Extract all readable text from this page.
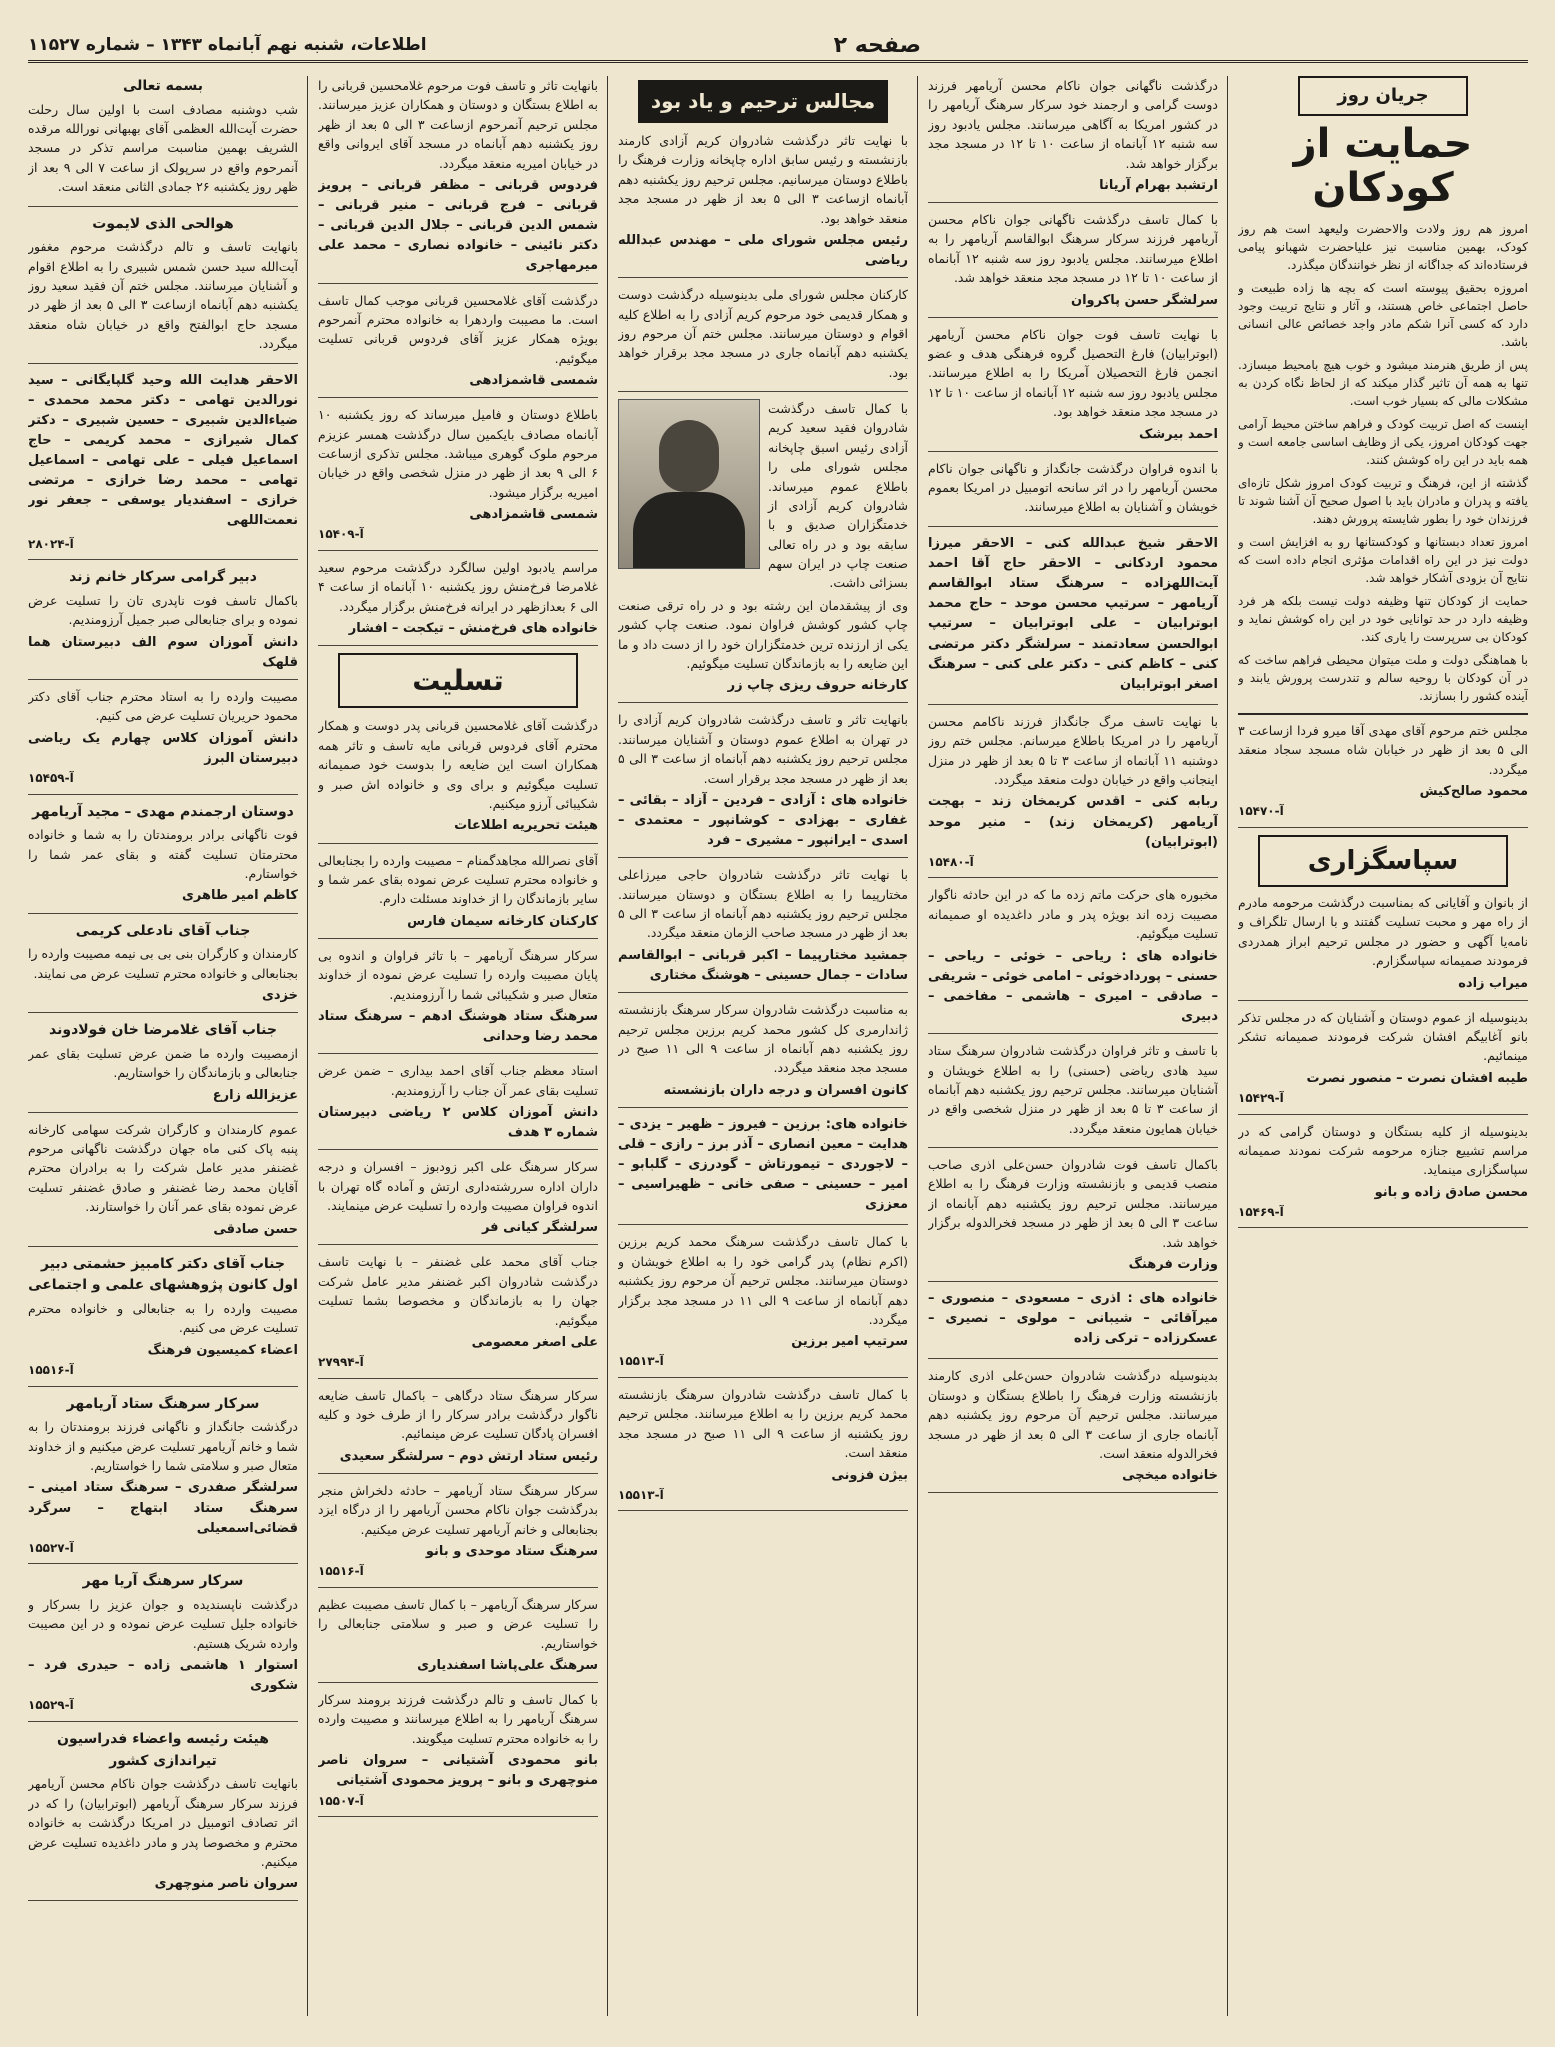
صفحه ۲
اطلاعات، شنبه نهم آبانماه ۱۳۴۳ – شماره ۱۱۵۲۷
جریان روز
حمایت از کودکان

امروز هم روز ولادت والاحضرت ولیعهد است هم روز کودک، بهمین مناسبت نیز علیاحضرت شهبانو پیامی فرستاده‌اند که جداگانه از نظر خوانندگان میگذرد.

امروزه بحقیق پیوسته است که بچه ها زاده طبیعت و حاصل اجتماعی خاص هستند، و آثار و نتایج تربیت وجود دارد که کسی آنرا شکم مادر واجد خصائص عالی انسانی باشد.

پس از طریق هنرمند میشود و خوب هیچ بامحیط میسازد. تنها به همه آن تاثیر گذار میکند که از لحاظ نگاه کردن به مشکلات مالی که بسیار خوب است.

اینست که اصل تربیت کودک و فراهم ساختن محیط آرامی جهت کودکان امروز، یکی از وظایف اساسی جامعه است و همه باید در این راه کوشش کنند.

گذشته از این، فرهنگ و تربیت کودک امروز شکل تازه‌ای یافته و پدران و مادران باید با اصول صحیح آن آشنا شوند تا فرزندان خود را بطور شایسته پرورش دهند.

امروز تعداد دبستانها و کودکستانها رو به افزایش است و دولت نیز در این راه اقدامات مؤثری انجام داده است که نتایج آن بزودی آشکار خواهد شد.

حمایت از کودکان تنها وظیفه دولت نیست بلکه هر فرد وظیفه دارد در حد توانایی خود در این راه کوشش نماید و کودکان بی سرپرست را یاری کند.

با هماهنگی دولت و ملت میتوان محیطی فراهم ساخت که در آن کودکان با روحیه سالم و تندرست پرورش یابند و آینده کشور را بسازند.

مجلس ختم مرحوم آقای مهدی آقا میرو فردا ازساعت ۳ الی ۵ بعد از ظهر در خیابان شاه مسجد سجاد منعقد میگردد.

محمود صالح‌کیش
آ-۱۵۴۷۰
سپاسگزاری

از بانوان و آقایانی که بمناسبت درگذشت مرحومه مادرم از راه مهر و محبت تسلیت گفتند و با ارسال تلگراف و نامه‌یا آگهی و حضور در مجلس ترحیم ابراز همدردی فرمودند صمیمانه سپاسگزارم.

میراب زاده

بدینوسیله از عموم دوستان و آشنایان که در مجلس تذکر بانو آغابیگم افشان شرکت فرمودند صمیمانه تشکر مینمائیم.

طیبه افشان نصرت – منصور نصرت
آ-۱۵۴۲۹

بدینوسیله از کلیه بستگان و دوستان گرامی که در مراسم تشییع جنازه مرحومه شرکت نمودند صمیمانه سپاسگزاری مینماید.

محسن صادق زاده و بانو
آ-۱۵۴۶۹

درگذشت ناگهانی جوان ناکام محسن آریامهر فرزند دوست گرامی و ارجمند خود سرکار سرهنگ آریامهر را در کشور امریکا به آگاهی میرسانند. مجلس یادبود روز سه شنبه ۱۲ آبانماه از ساعت ۱۰ تا ۱۲ در مسجد مجد برگزار خواهد شد.

ارتشبد بهرام آریانا

با کمال تاسف درگذشت ناگهانی جوان ناکام محسن آریامهر فرزند سرکار سرهنگ ابوالقاسم آریامهر را به اطلاع میرسانند. مجلس یادبود روز سه شنبه ۱۲ آبانماه از ساعت ۱۰ تا ۱۲ در مسجد مجد منعقد خواهد شد.

سرلشگر حسن پاکروان

با نهایت تاسف فوت جوان ناکام محسن آریامهر (ابوترابیان) فارغ التحصیل گروه فرهنگی هدف و عضو انجمن فارغ التحصیلان آمریکا را به اطلاع میرسانند. مجلس یادبود روز سه شنبه ۱۲ آبانماه از ساعت ۱۰ تا ۱۲ در مسجد مجد منعقد خواهد بود.

احمد بیرشک

با اندوه فراوان درگذشت جانگداز و ناگهانی جوان ناکام محسن آریامهر را در اثر سانحه اتومبیل در امریکا بعموم خویشان و آشنایان به اطلاع میرسانند.

الاحقر شیخ عبدالله کنی – الاحقر میرزا محمود اردکانی – الاحقر حاج آقا احمد آیت‌اللهزاده – سرهنگ ستاد ابوالقاسم آریامهر – سرتیپ محسن موحد – حاج محمد ابوترابیان – علی ابوترابیان – سرتیپ ابوالحسن سعادتمند – سرلشگر دکتر مرتضی کنی – کاظم کنی – دکتر علی کنی – سرهنگ اصغر ابوترابیان

با نهایت تاسف مرگ جانگداز فرزند ناکامم محسن آریامهر را در امریکا باطلاع میرسانم. مجلس ختم روز دوشنبه ۱۱ آبانماه از ساعت ۳ تا ۵ بعد از ظهر در منزل اینجانب واقع در خیابان دولت منعقد میگردد.

ربابه کنی – اقدس کریمخان زند – بهجت آریامهر (کریمخان زند) – منیر موحد (ابوترابیان)
آ-۱۵۴۸۰

مخبوره های حرکت ماتم زده ما که در این حادثه ناگوار مصیبت زده اند بویژه پدر و مادر داغدیده او صمیمانه تسلیت میگوئیم.

خانواده های : ریاحی – خوئی – ریاحی – حسنی – پوردادخوئی – امامی خوئی – شریفی – صادقی – امیری – هاشمی – مفاخمی – دبیری

با تاسف و تاثر فراوان درگذشت شادروان سرهنگ ستاد سید هادی ریاضی (حسنی) را به اطلاع خویشان و آشنایان میرسانند. مجلس ترحیم روز یکشنبه دهم آبانماه از ساعت ۳ تا ۵ بعد از ظهر در منزل شخصی واقع در خیابان همایون منعقد میگردد.

باکمال تاسف فوت شادروان حسن‌علی اذری صاحب منصب قدیمی و بازنشسته وزارت فرهنگ را به اطلاع میرسانند. مجلس ترحیم روز یکشنبه دهم آبانماه از ساعت ۳ الی ۵ بعد از ظهر در مسجد فخرالدوله برگزار خواهد شد.

وزارت فرهنگ

خانواده های : اذری – مسعودی – منصوری – میرآقائی – شیبانی – مولوی – نصیری – عسکرزاده – ترکی زاده

بدینوسیله درگذشت شادروان حسن‌علی اذری کارمند بازنشسته وزارت فرهنگ را باطلاع بستگان و دوستان میرسانند. مجلس ترحیم آن مرحوم روز یکشنبه دهم آبانماه جاری از ساعت ۳ الی ۵ بعد از ظهر در مسجد فخرالدوله منعقد است.

خانواده میخچی
مجالس ترحیم و یاد بود

با نهایت تاثر درگذشت شادروان کریم آزادی کارمند بازنشسته و رئیس سابق اداره چاپخانه وزارت فرهنگ را باطلاع دوستان میرسانیم. مجلس ترحیم روز یکشنبه دهم آبانماه ازساعت ۳ الی ۵ بعد از ظهر در مسجد مجد منعقد خواهد بود.

رئیس مجلس شورای ملی – مهندس عبدالله ریاضی

کارکنان مجلس شورای ملی بدینوسیله درگذشت دوست و همکار قدیمی خود مرحوم کریم آزادی را به اطلاع کلیه اقوام و دوستان میرسانند. مجلس ختم آن مرحوم روز یکشنبه دهم آبانماه جاری در مسجد مجد برقرار خواهد بود.

با کمال تاسف درگذشت شادروان فقید سعید کریم آزادی رئیس اسبق چاپخانه مجلس شورای ملی را باطلاع عموم میرساند. شادروان کریم آزادی از خدمتگزاران صدیق و با سابقه بود و در راه تعالی صنعت چاپ در ایران سهم بسزائی داشت.

وی از پیشقدمان این رشته بود و در راه ترقی صنعت چاپ کشور کوشش فراوان نمود. صنعت چاپ کشور یکی از ارزنده ترین خدمتگزاران خود را از دست داد و ما این ضایعه را به بازماندگان تسلیت میگوئیم.

کارخانه حروف ریزی چاپ زر

بانهایت تاثر و تاسف درگذشت شادروان کریم آزادی را در تهران به اطلاع عموم دوستان و آشنایان میرسانند. مجلس ترحیم روز یکشنبه دهم آبانماه از ساعت ۳ الی ۵ بعد از ظهر در مسجد مجد برقرار است.

خانواده های : آزادی – فردین – آزاد – بقائی – غفاری – بهزادی – کوشانپور – معتمدی – اسدی – ایرانپور – مشیری – فرد

با نهایت تاثر درگذشت شادروان حاجی میرزاعلی مختارپیما را به اطلاع بستگان و دوستان میرسانند. مجلس ترحیم روز یکشنبه دهم آبانماه از ساعت ۳ الی ۵ بعد از ظهر در مسجد صاحب الزمان منعقد میگردد.

جمشید مختارپیما – اکبر قربانی – ابوالقاسم سادات – جمال حسینی – هوشنگ مختاری

به مناسبت درگذشت شادروان سرکار سرهنگ بازنشسته ژاندارمری کل کشور محمد کریم برزین مجلس ترحیم روز یکشنبه دهم آبانماه از ساعت ۹ الی ۱۱ صبح در مسجد مجد منعقد میگردد.

کانون افسران و درجه داران بازنشسته

خانواده های: برزین – فیروز – ظهیر – یزدی – هدایت – معین انصاری – آذر برز – رازی – قلی – لاجوردی – تیمورتاش – گودرزی – گلبابو – امیر – حسینی – صفی خانی – ظهیراسیی – معززی

با کمال تاسف درگذشت سرهنگ محمد کریم برزین (اکرم نظام) پدر گرامی خود را به اطلاع خویشان و دوستان میرسانند. مجلس ترحیم آن مرحوم روز یکشنبه دهم آبانماه از ساعت ۹ الی ۱۱ در مسجد مجد برگزار میگردد.

سرتیپ امیر برزین
آ-۱۵۵۱۳

با کمال تاسف درگذشت شادروان سرهنگ بازنشسته محمد کریم برزین را به اطلاع میرسانند. مجلس ترحیم روز یکشنبه از ساعت ۹ الی ۱۱ صبح در مسجد مجد منعقد است.

بیژن فزونی
آ-۱۵۵۱۳

بانهایت تاثر و تاسف فوت مرحوم غلامحسین قربانی را به اطلاع بستگان و دوستان و همکاران عزیز میرسانند. مجلس ترحیم آنمرحوم ازساعت ۳ الی ۵ بعد از ظهر روز یکشنبه دهم آبانماه در مسجد آقای ایروانی واقع در خیابان امیریه منعقد میگردد.

فردوس قربانی – مظفر قربانی – پرویز قربانی – فرج قربانی – منیر قربانی – شمس الدین قربانی – جلال الدین قربانی – دکتر نائینی – خانواده نصاری – محمد علی میرمهاجری

درگذشت آقای غلامحسین قربانی موجب کمال تاسف است. ما مصیبت واردهرا به خانواده محترم آنمرحوم بویژه همکار عزیز آقای فردوس قربانی تسلیت میگوئیم.

شمسی قاشمزادهی

باطلاع دوستان و فامیل میرساند که روز یکشنبه ۱۰ آبانماه مصادف بایکمین سال درگذشت همسر عزیزم مرحوم ملوک گوهری میباشد. مجلس تذکری ازساعت ۶ الی ۹ بعد از ظهر در منزل شخصی واقع در خیابان امیریه برگزار میشود.

شمسی قاشمزادهی
آ-۱۵۴۰۹

مراسم یادبود اولین سالگرد درگذشت مرحوم سعید غلامرضا فرخ‌منش روز یکشنبه ۱۰ آبانماه از ساعت ۴ الی ۶ بعدازظهر در ایرانه فرخ‌منش برگزار میگردد.

خانواده های فرخ‌منش – تیکجت – افشار
تسلیت

درگذشت آقای غلامحسین قربانی پدر دوست و همکار محترم آقای فردوس قربانی مایه تاسف و تاثر همه همکاران است این ضایعه را بدوست خود صمیمانه تسلیت میگوئیم و برای وی و خانواده اش صبر و شکیبائی آرزو میکنیم.

هیئت تحریریه اطلاعات

آقای نصرالله مجاهدگمنام – مصیبت وارده را بجنابعالی و خانواده محترم تسلیت عرض نموده بقای عمر شما و سایر بازماندگان را از خداوند مسئلت دارم.

کارکنان کارخانه سیمان فارس

سرکار سرهنگ آریامهر – با تاثر فراوان و اندوه بی پایان مصیبت وارده را تسلیت عرض نموده از خداوند متعال صبر و شکیبائی شما را آرزومندیم.

سرهنگ ستاد هوشنگ ادهم – سرهنگ ستاد محمد رضا وحدانی

استاد معظم جناب آقای احمد بیداری – ضمن عرض تسلیت بقای عمر آن جناب را آرزومندیم.

دانش آموزان کلاس ۲ ریاضی دبیرستان شماره ۳ هدف

سرکار سرهنگ علی اکبر زودبوز – افسران و درجه داران اداره سررشته‌داری ارتش و آماده گاه تهران با اندوه فراوان مصیبت وارده را تسلیت عرض مینمایند.

سرلشگر کیانی فر

جناب آقای محمد علی غضنفر – با نهایت تاسف درگذشت شادروان اکبر غضنفر مدیر عامل شرکت جهان را به بازماندگان و مخصوصا بشما تسلیت میگوئیم.

علی اصغر معصومی
آ-۲۷۹۹۴

سرکار سرهنگ ستاد درگاهی – باکمال تاسف ضایعه ناگوار درگذشت برادر سرکار را از طرف خود و کلیه افسران پادگان تسلیت عرض مینمائیم.

رئیس ستاد ارتش دوم – سرلشگر سعیدی

سرکار سرهنگ ستاد آریامهر – حادثه دلخراش منجر بدرگذشت جوان ناکام محسن آریامهر را از درگاه ایزد بجنابعالی و خانم آریامهر تسلیت عرض میکنیم.

سرهنگ ستاد موحدی و بانو
آ-۱۵۵۱۶

سرکار سرهنگ آریامهر – با کمال تاسف مصیبت عظیم را تسلیت عرض و صبر و سلامتی جنابعالی را خواستاریم.

سرهنگ علی‌پاشا اسفندیاری

با کمال تاسف و تالم درگذشت فرزند برومند سرکار سرهنگ آریامهر را به اطلاع میرسانند و مصیبت وارده را به خانواده محترم تسلیت میگویند.

بانو محمودی آشتیانی – سروان ناصر منوچهری و بانو – پرویز محمودی آشتیانی
آ-۱۵۵۰۷
بسمه تعالی

شب دوشنبه مصادف است با اولین سال رحلت حضرت آیت‌الله العظمی آقای بهبهانی نورالله مرقده الشریف بهمین مناسبت مراسم تذکر در مسجد آنمرحوم واقع در سرپولک از ساعت ۷ الی ۹ بعد از ظهر روز یکشنبه ۲۶ جمادی الثانی منعقد است.

هوالحی الذی لایموت

بانهایت تاسف و تالم درگذشت مرحوم مغفور آیت‌الله سید حسن شمس شبیری را به اطلاع اقوام و آشنایان میرسانند. مجلس ختم آن فقید سعید روز یکشنبه دهم آبانماه ازساعت ۳ الی ۵ بعد از ظهر در مسجد حاج ابوالفتح واقع در خیابان شاه منعقد میگردد.

الاحقر هدایت الله وحید گلپایگانی – سید نورالدین تهامی – دکتر محمد محمدی – ضیاءالدین شبیری – حسین شبیری – دکتر کمال شیرازی – محمد کریمی – حاج اسماعیل فیلی – علی تهامی – اسماعیل تهامی – محمد رضا خرازی – مرتضی خرازی – اسفندیار یوسفی – جعفر نور نعمت‌اللهی

آ-۲۸۰۲۴
دبیر گرامی سرکار خانم زند

باکمال تاسف فوت ناپدری تان را تسلیت عرض نموده و برای جنابعالی صبر جمیل آرزومندیم.

دانش آموزان سوم الف دبیرستان هما قلهک

مصیبت وارده را به استاد محترم جناب آقای دکتر محمود حریریان تسلیت عرض می کنیم.

دانش آموزان کلاس چهارم یک ریاضی دبیرستان البرز
آ-۱۵۴۵۹
دوستان ارجمندم مهدی – مجید آریامهر

فوت ناگهانی برادر برومندتان را به شما و خانواده محترمتان تسلیت گفته و بقای عمر شما را خواستارم.

کاظم امیر طاهری
جناب آقای نادعلی کریمی

کارمندان و کارگران بنی بی بی نیمه مصیبت وارده را بجنابعالی و خانواده محترم تسلیت عرض می نمایند.

خزدی
جناب آقای غلامرضا خان فولادوند

ازمصیبت وارده ما ضمن عرض تسلیت بقای عمر جنابعالی و بازماندگان را خواستاریم.

عزیزالله زارع

عموم کارمندان و کارگران شرکت سهامی کارخانه پنبه پاک کنی ماه جهان درگذشت ناگهانی مرحوم غضنفر مدیر عامل شرکت را به برادران محترم آقایان محمد رضا غضنفر و صادق غضنفر تسلیت عرض نموده بقای عمر آنان را خواستارند.

حسن صادقی
جناب آقای دکتر کامبیز حشمتی دبیر اول کانون پژوهشهای علمی و اجتماعی

مصیبت وارده را به جنابعالی و خانواده محترم تسلیت عرض می کنیم.

اعضاء کمیسیون فرهنگ
آ-۱۵۵۱۶
سرکار سرهنگ ستاد آریامهر

درگذشت جانگداز و ناگهانی فرزند برومندتان را به شما و خانم آریامهر تسلیت عرض میکنیم و از خداوند متعال صبر و سلامتی شما را خواستاریم.

سرلشگر صفدری – سرهنگ ستاد امینی – سرهنگ ستاد ابتهاج – سرگرد قضائی‌اسمعیلی
آ-۱۵۵۲۷
سرکار سرهنگ آریا مهر

درگذشت ناپسندیده و جوان عزیز را بسرکار و خانواده جلیل تسلیت عرض نموده و در این مصیبت وارده شریک هستیم.

استوار ۱ هاشمی زاده – حیدری فرد – شکوری
آ-۱۵۵۲۹
هیئت رئیسه واعضاء فدراسیون تیراندازی کشور

بانهایت تاسف درگذشت جوان ناکام محسن آریامهر فرزند سرکار سرهنگ آریامهر (ابوترابیان) را که در اثر تصادف اتومبیل در امریکا درگذشت به خانواده محترم و مخصوصا پدر و مادر داغدیده تسلیت عرض میکنیم.

سروان ناصر منوچهری
